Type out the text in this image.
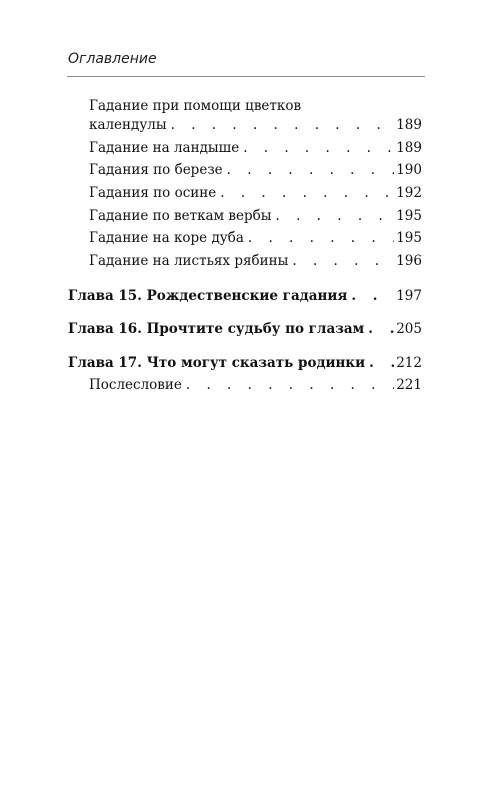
Оглавление
Гадание при помощи цветков
календулы . . .	189
Гадание на ландыше . . .	189
Гадания по березе . . .	190
Гадания по осине . . .	192
Гадание по веткам вербы . . .	195
Гадание на коре дуба . . .	195
Гадание на листьях рябины . . .	196
Глава 15. Рождественские гадания . . .	197
Глава 16. Прочтите судьбу по глазам . . . 205
Глава 17. Что могут сказать родинки . . . 212
Послесловие . . .	221
